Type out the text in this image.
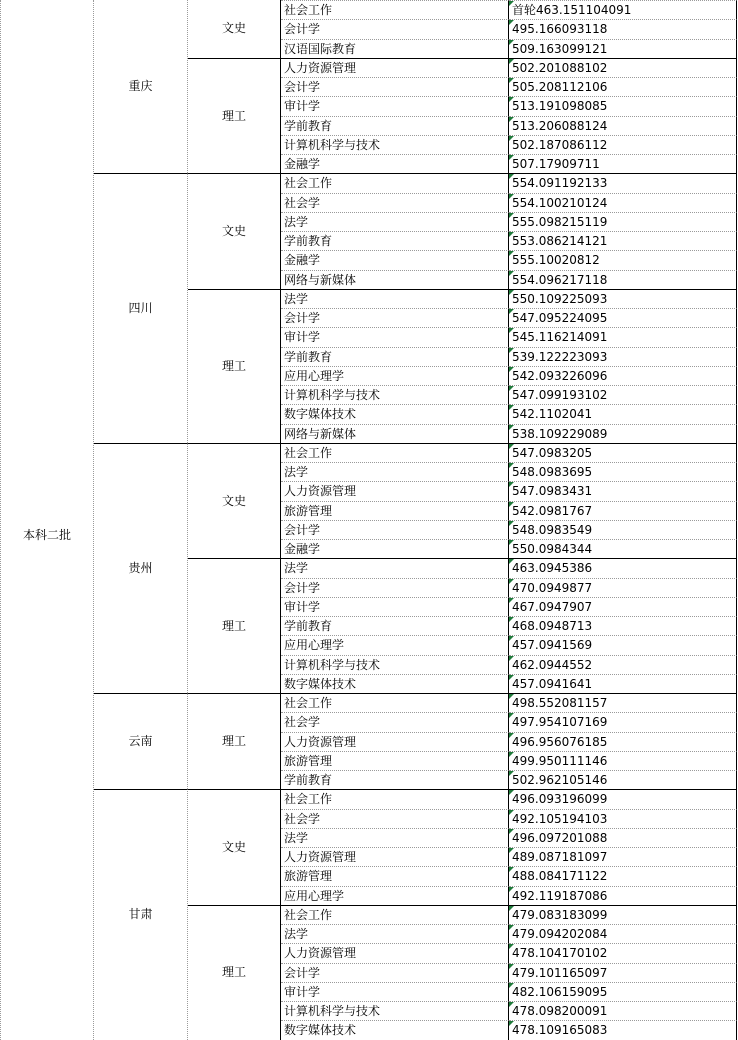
本科二批
重庆
文史
社会工作	首轮463.151104091
会计学	495.166093118
汉语国际教育	509.163099121
理工
人力资源管理	502.201088102
会计学	505.208112106
审计学	513.191098085
学前教育	513.206088124
计算机科学与技术	502.187086112
金融学	507.17909711
四川
文史
社会工作	554.091192133
社会学	554.100210124
法学	555.098215119
学前教育	553.086214121
金融学	555.10020812
网络与新媒体	554.096217118
理工
法学	550.109225093
会计学	547.095224095
审计学	545.116214091
学前教育	539.122223093
应用心理学	542.093226096
计算机科学与技术	547.099193102
数字媒体技术	542.1102041
网络与新媒体	538.109229089
贵州
文史
社会工作	547.0983205
法学	548.0983695
人力资源管理	547.0983431
旅游管理	542.0981767
会计学	548.0983549
金融学	550.0984344
理工
法学	463.0945386
会计学	470.0949877
审计学	467.0947907
学前教育	468.0948713
应用心理学	457.0941569
计算机科学与技术	462.0944552
数字媒体技术	457.0941641
云南	理工
社会工作	498.552081157
社会学	497.954107169
人力资源管理	496.956076185
旅游管理	499.950111146
学前教育	502.962105146
甘肃
文史
社会工作	496.093196099
社会学	492.105194103
法学	496.097201088
人力资源管理	489.087181097
旅游管理	488.084171122
应用心理学	492.119187086
理工
社会工作	479.083183099
法学	479.094202084
人力资源管理	478.104170102
会计学	479.101165097
审计学	482.106159095
计算机科学与技术	478.098200091
数字媒体技术	478.109165083
